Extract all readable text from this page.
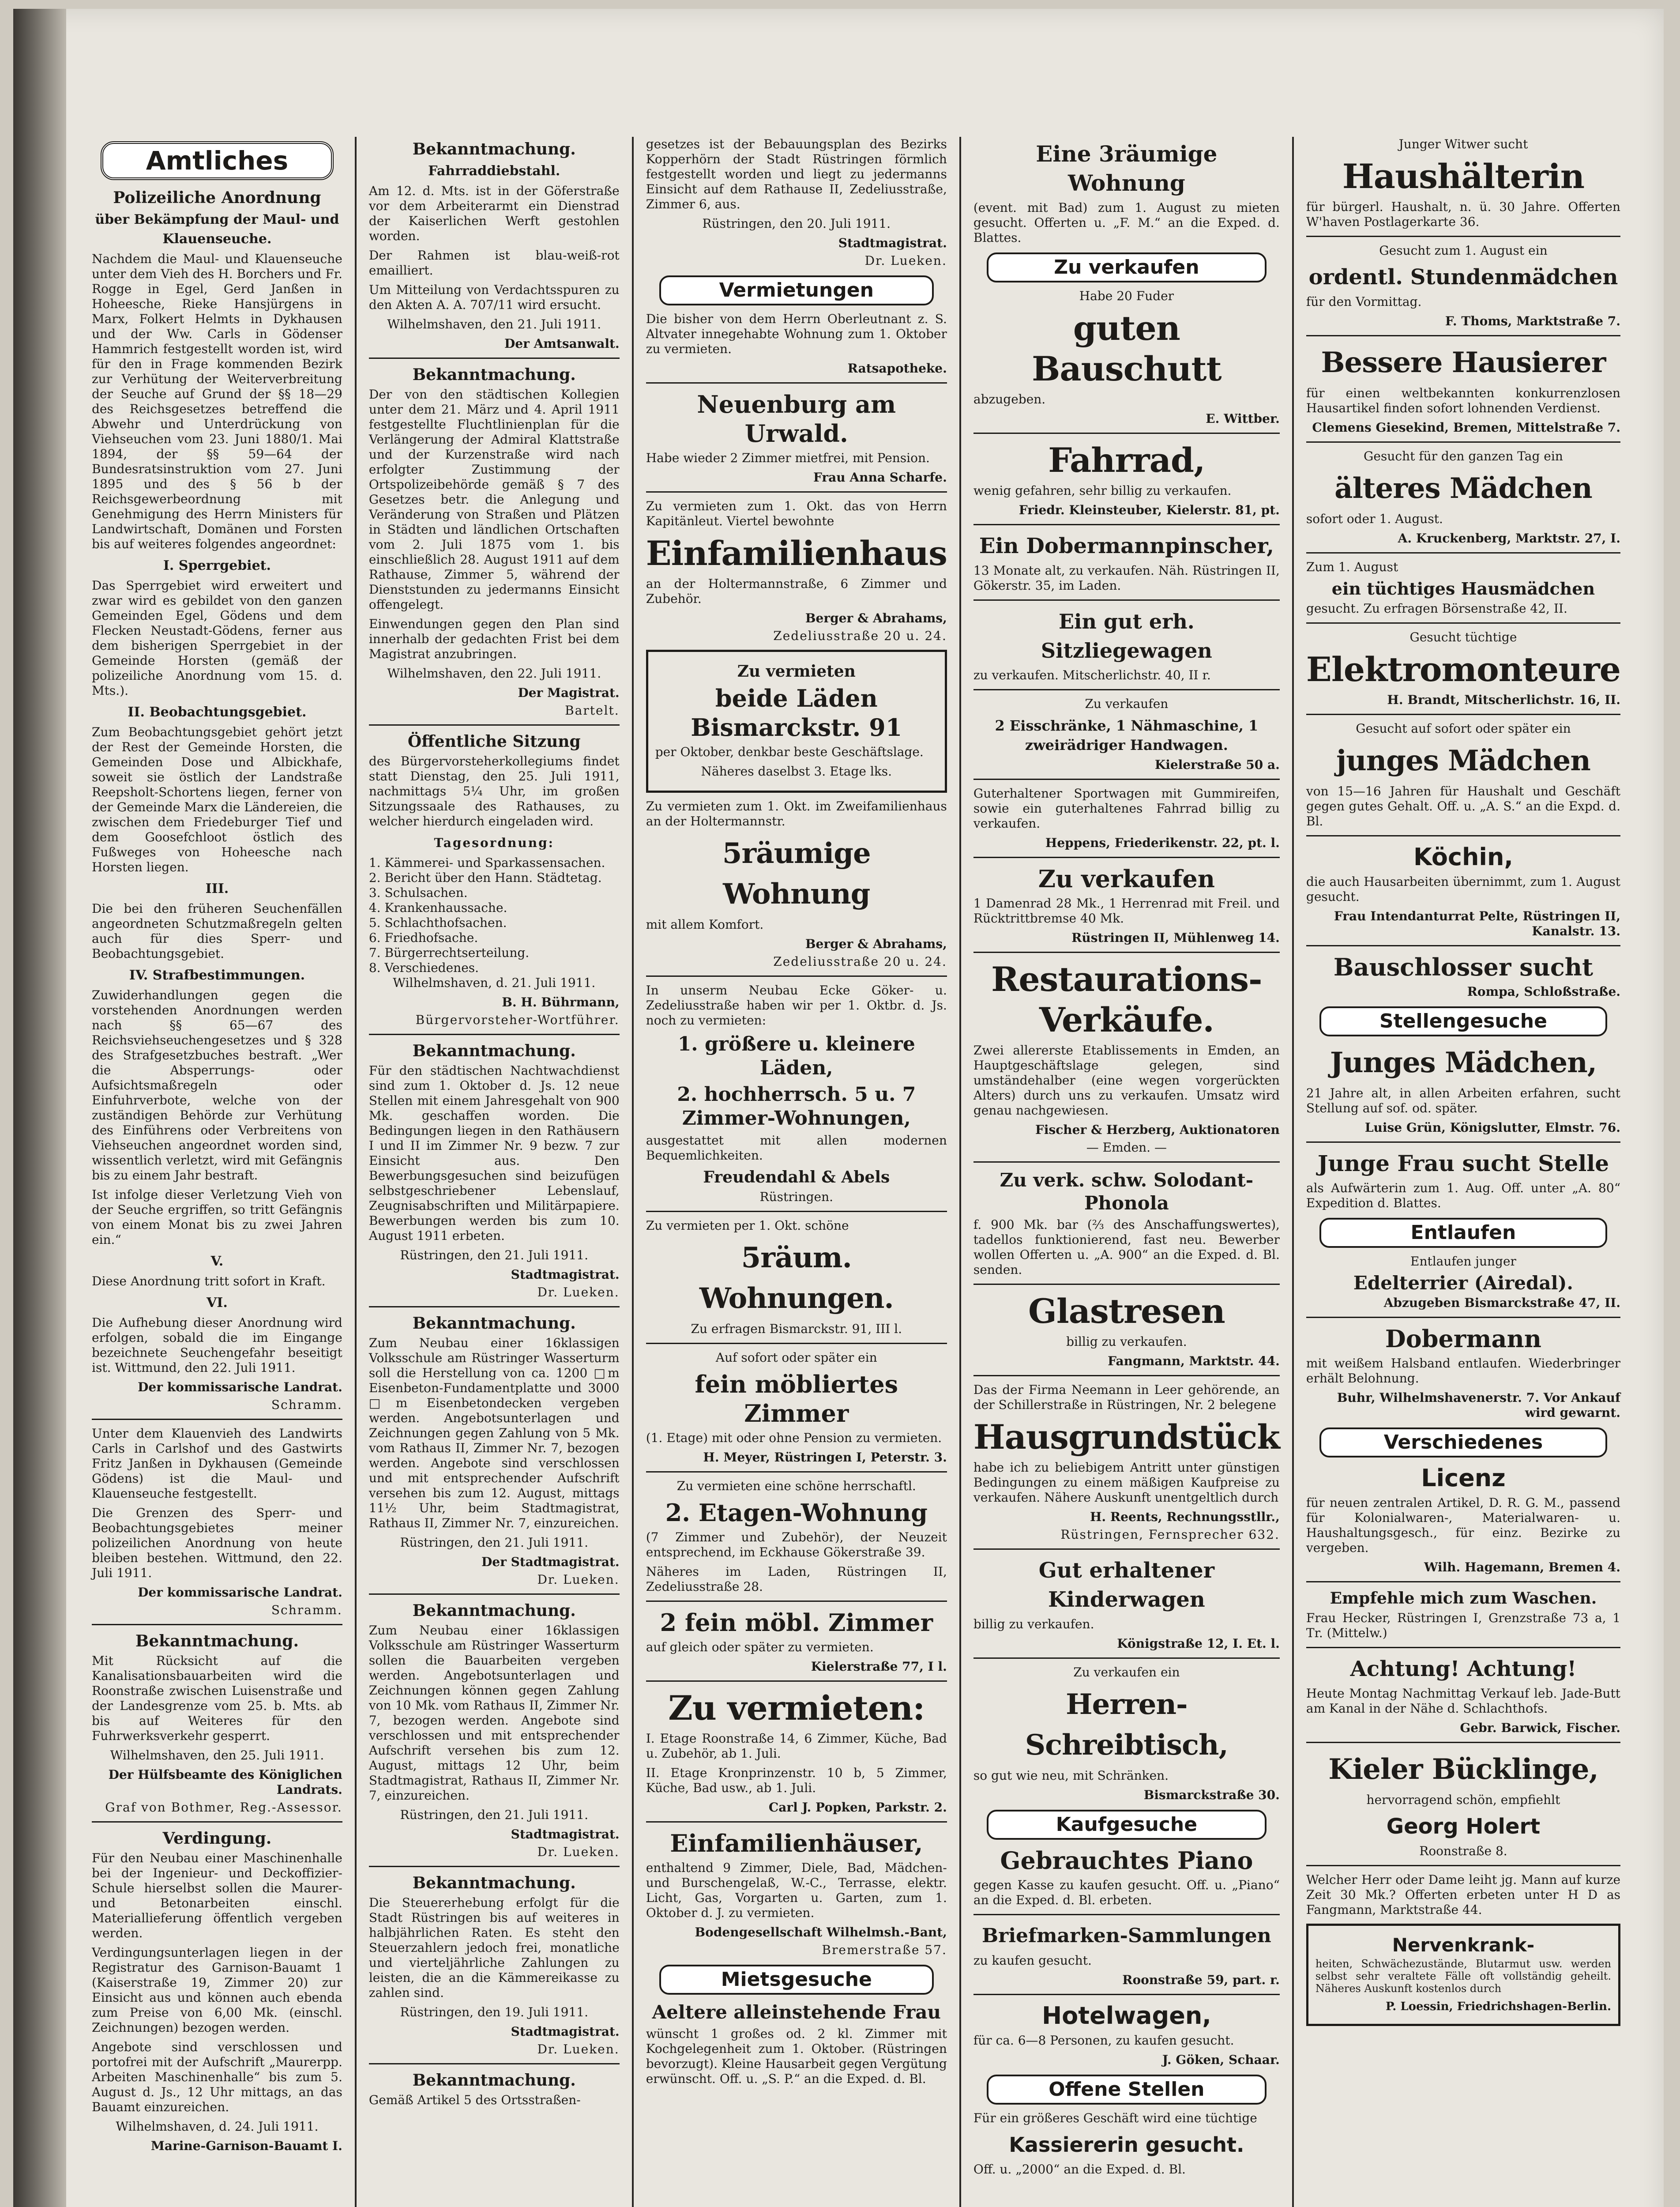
Amtliches
Polizeiliche Anordnung
über Bekämpfung der Maul- und Klauenseuche.

Nachdem die Maul- und Klauenseuche unter dem Vieh des H. Borchers und Fr. Rogge in Egel, Gerd Janßen in Hoheesche, Rieke Hansjürgens in Marx, Folkert Helmts in Dykhausen und der Ww. Carls in Gödenser Hammrich festgestellt worden ist, wird für den in Frage kommenden Bezirk zur Verhütung der Weiterverbreitung der Seuche auf Grund der §§ 18—29 des Reichsgesetzes betreffend die Abwehr und Unterdrückung von Viehseuchen vom 23. Juni 1880/1. Mai 1894, der §§ 59—64 der Bundesratsinstruktion vom 27. Juni 1895 und des § 56 b der Reichsgewerbeordnung mit Genehmigung des Herrn Ministers für Landwirtschaft, Domänen und Forsten bis auf weiteres folgendes angeordnet:

I. Sperrgebiet.

Das Sperrgebiet wird erweitert und zwar wird es gebildet von den ganzen Gemeinden Egel, Gödens und dem Flecken Neustadt-Gödens, ferner aus dem bisherigen Sperrgebiet in der Gemeinde Horsten (gemäß der polizeiliche Anordnung vom 15. d. Mts.).

II. Beobachtungsgebiet.

Zum Beobachtungsgebiet gehört jetzt der Rest der Gemeinde Horsten, die Gemeinden Dose und Albickhafe, soweit sie östlich der Landstraße Reepsholt-Schortens liegen, ferner von der Gemeinde Marx die Ländereien, die zwischen dem Friedeburger Tief und dem Goosefchloot östlich des Fußweges von Hoheesche nach Horsten liegen.

III.

Die bei den früheren Seuchenfällen angeordneten Schutzmaßregeln gelten auch für dies Sperr- und Beobachtungsgebiet.

IV. Strafbestimmungen.

Zuwiderhandlungen gegen die vorstehenden Anordnungen werden nach §§ 65—67 des Reichsviehseuchengesetzes und § 328 des Strafgesetzbuches bestraft. „Wer die Absperrungs- oder Aufsichtsmaßregeln oder Einfuhrverbote, welche von der zuständigen Behörde zur Verhütung des Einführens oder Verbreitens von Viehseuchen angeordnet worden sind, wissentlich verletzt, wird mit Gefängnis bis zu einem Jahr bestraft.

Ist infolge dieser Verletzung Vieh von der Seuche ergriffen, so tritt Gefängnis von einem Monat bis zu zwei Jahren ein.“

V.

Diese Anordnung tritt sofort in Kraft.

VI.

Die Aufhebung dieser Anordnung wird erfolgen, sobald die im Eingange bezeichnete Seuchengefahr beseitigt ist. Wittmund, den 22. Juli 1911.

Der kommissarische Landrat.
Schramm.

Unter dem Klauenvieh des Landwirts Carls in Carlshof und des Gastwirts Fritz Janßen in Dykhausen (Gemeinde Gödens) ist die Maul- und Klauenseuche festgestellt.

Die Grenzen des Sperr- und Beobachtungsgebietes meiner polizeilichen Anordnung von heute bleiben bestehen. Wittmund, den 22. Juli 1911.

Der kommissarische Landrat.
Schramm.
Bekanntmachung.

Mit Rücksicht auf die Kanalisationsbauarbeiten wird die Roonstraße zwischen Luisenstraße und der Landesgrenze vom 25. b. Mts. ab bis auf Weiteres für den Fuhrwerksverkehr gesperrt.

Wilhelmshaven, den 25. Juli 1911.

Der Hülfsbeamte des Königlichen Landrats.
Graf von Bothmer, Reg.-Assessor.
Verdingung.

Für den Neubau einer Maschinenhalle bei der Ingenieur- und Deckoffizier-Schule hierselbst sollen die Maurer- und Betonarbeiten einschl. Materiallieferung öffentlich vergeben werden.

Verdingungsunterlagen liegen in der Registratur des Garnison-Bauamt 1 (Kaiserstraße 19, Zimmer 20) zur Einsicht aus und können auch ebenda zum Preise von 6,00 Mk. (einschl. Zeichnungen) bezogen werden.

Angebote sind verschlossen und portofrei mit der Aufschrift „Maurerpp. Arbeiten Maschinenhalle“ bis zum 5. August d. Js., 12 Uhr mittags, an das Bauamt einzureichen.

Wilhelmshaven, d. 24. Juli 1911.

Marine-Garnison-Bauamt I.
Bekanntmachung.
Fahrraddiebstahl.

Am 12. d. Mts. ist in der Göferstraße vor dem Arbeiterarmt ein Dienstrad der Kaiserlichen Werft gestohlen worden.

Der Rahmen ist blau-weiß-rot emailliert.

Um Mitteilung von Verdachtsspuren zu den Akten A. A. 707/11 wird ersucht.

Wilhelmshaven, den 21. Juli 1911.

Der Amtsanwalt.
Bekanntmachung.

Der von den städtischen Kollegien unter dem 21. März und 4. April 1911 festgestellte Fluchtlinienplan für die Verlängerung der Admiral Klattstraße und der Kurzenstraße wird nach erfolgter Zustimmung der Ortspolizeibehörde gemäß § 7 des Gesetzes betr. die Anlegung und Veränderung von Straßen und Plätzen in Städten und ländlichen Ortschaften vom 2. Juli 1875 vom 1. bis einschließlich 28. August 1911 auf dem Rathause, Zimmer 5, während der Dienststunden zu jedermanns Einsicht offengelegt.

Einwendungen gegen den Plan sind innerhalb der gedachten Frist bei dem Magistrat anzubringen.

Wilhelmshaven, den 22. Juli 1911.

Der Magistrat.
Bartelt.
Öffentliche Sitzung

des Bürgervorsteherkollegiums findet statt Dienstag, den 25. Juli 1911, nachmittags 5¼ Uhr, im großen Sitzungssaale des Rathauses, zu welcher hierdurch eingeladen wird.

Tagesordnung:
1. Kämmerei- und Sparkassensachen.
2. Bericht über den Hann. Städtetag.
3. Schulsachen.
4. Krankenhaussache.
5. Schlachthofsachen.
6. Friedhofsache.
7. Bürgerrechtserteilung.
8. Verschiedenes.

Wilhelmshaven, d. 21. Juli 1911.

B. H. Bührmann,
Bürgervorsteher-Wortführer.
Bekanntmachung.

Für den städtischen Nachtwachdienst sind zum 1. Oktober d. Js. 12 neue Stellen mit einem Jahresgehalt von 900 Mk. geschaffen worden. Die Bedingungen liegen in den Rathäusern I und II im Zimmer Nr. 9 bezw. 7 zur Einsicht aus. Den Bewerbungsgesuchen sind beizufügen selbstgeschriebener Lebenslauf, Zeugnisabschriften und Militärpapiere. Bewerbungen werden bis zum 10. August 1911 erbeten.

Rüstringen, den 21. Juli 1911.

Stadtmagistrat.
Dr. Lueken.
Bekanntmachung.

Zum Neubau einer 16klassigen Volksschule am Rüstringer Wasserturm soll die Herstellung von ca. 1200 □m Eisenbeton-Fundamentplatte und 3000 □m Eisenbetondecken vergeben werden. Angebotsunterlagen und Zeichnungen gegen Zahlung von 5 Mk. vom Rathaus II, Zimmer Nr. 7, bezogen werden. Angebote sind verschlossen und mit entsprechender Aufschrift versehen bis zum 12. August, mittags 11½ Uhr, beim Stadtmagistrat, Rathaus II, Zimmer Nr. 7, einzureichen.

Rüstringen, den 21. Juli 1911.

Der Stadtmagistrat.
Dr. Lueken.
Bekanntmachung.

Zum Neubau einer 16klassigen Volksschule am Rüstringer Wasserturm sollen die Bauarbeiten vergeben werden. Angebotsunterlagen und Zeichnungen können gegen Zahlung von 10 Mk. vom Rathaus II, Zimmer Nr. 7, bezogen werden. Angebote sind verschlossen und mit entsprechender Aufschrift versehen bis zum 12. August, mittags 12 Uhr, beim Stadtmagistrat, Rathaus II, Zimmer Nr. 7, einzureichen.

Rüstringen, den 21. Juli 1911.

Stadtmagistrat.
Dr. Lueken.
Bekanntmachung.

Die Steuererhebung erfolgt für die Stadt Rüstringen bis auf weiteres in halbjährlichen Raten. Es steht den Steuerzahlern jedoch frei, monatliche und vierteljährliche Zahlungen zu leisten, die an die Kämmereikasse zu zahlen sind.

Rüstringen, den 19. Juli 1911.

Stadtmagistrat.
Dr. Lueken.
Bekanntmachung.

Gemäß Artikel 5 des Ortsstraßen-

gesetzes ist der Bebauungsplan des Bezirks Kopperhörn der Stadt Rüstringen förmlich festgestellt worden und liegt zu jedermanns Einsicht auf dem Rathause II, Zedeliusstraße, Zimmer 6, aus.

Rüstringen, den 20. Juli 1911.

Stadtmagistrat.
Dr. Lueken.
Vermietungen

Die bisher von dem Herrn Oberleutnant z. S. Altvater innegehabte Wohnung zum 1. Oktober zu vermieten.

Ratsapotheke.
Neuenburg am Urwald.

Habe wieder 2 Zimmer mietfrei, mit Pension.

Frau Anna Scharfe.

Zu vermieten zum 1. Okt. das von Herrn Kapitänleut. Viertel bewohnte

Einfamilienhaus

an der Holtermannstraße, 6 Zimmer und Zubehör.

Berger & Abrahams,
Zedeliusstraße 20 u. 24.
Zu vermieten
beide Läden Bismarckstr. 91

per Oktober, denkbar beste Geschäftslage.

Näheres daselbst 3. Etage lks.

Zu vermieten zum 1. Okt. im Zweifamilienhaus an der Holtermannstr.

5räumige Wohnung

mit allem Komfort.

Berger & Abrahams,
Zedeliusstraße 20 u. 24.

In unserm Neubau Ecke Göker- u. Zedeliusstraße haben wir per 1. Oktbr. d. Js. noch zu vermieten:

1. größere u. kleinere Läden,
2. hochherrsch. 5 u. 7 Zimmer-Wohnungen,

ausgestattet mit allen modernen Bequemlichkeiten.

Freudendahl & Abels
Rüstringen.

Zu vermieten per 1. Okt. schöne

5räum. Wohnungen.

Zu erfragen Bismarckstr. 91, III l.

Auf sofort oder später ein

fein möbliertes Zimmer

(1. Etage) mit oder ohne Pension zu vermieten.

H. Meyer, Rüstringen I, Peterstr. 3.

Zu vermieten eine schöne herrschaftl.

2. Etagen-Wohnung

(7 Zimmer und Zubehör), der Neuzeit entsprechend, im Eckhause Gökerstraße 39.

Näheres im Laden, Rüstringen II, Zedeliusstraße 28.

2 fein möbl. Zimmer

auf gleich oder später zu vermieten.

Kielerstraße 77, I l.
Zu vermieten:

I. Etage Roonstraße 14, 6 Zimmer, Küche, Bad u. Zubehör, ab 1. Juli.

II. Etage Kronprinzenstr. 10 b, 5 Zimmer, Küche, Bad usw., ab 1. Juli.

Carl J. Popken, Parkstr. 2.
Einfamilienhäuser,

enthaltend 9 Zimmer, Diele, Bad, Mädchen- und Burschengelaß, W.-C., Terrasse, elektr. Licht, Gas, Vorgarten u. Garten, zum 1. Oktober d. J. zu vermieten.

Bodengesellschaft Wilhelmsh.-Bant,
Bremerstraße 57.
Mietsgesuche
Aeltere alleinstehende Frau

wünscht 1 großes od. 2 kl. Zimmer mit Kochgelegenheit zum 1. Oktober. (Rüstringen bevorzugt). Kleine Hausarbeit gegen Vergütung erwünscht. Off. u. „S. P.“ an die Exped. d. Bl.

Eine 3räumige Wohnung

(event. mit Bad) zum 1. August zu mieten gesucht. Offerten u. „F. M.“ an die Exped. d. Blattes.

Zu verkaufen

Habe 20 Fuder

guten Bauschutt

abzugeben.

E. Wittber.
Fahrrad,

wenig gefahren, sehr billig zu verkaufen.

Friedr. Kleinsteuber, Kielerstr. 81, pt.
Ein Dobermannpinscher,

13 Monate alt, zu verkaufen. Näh. Rüstringen II, Gökerstr. 35, im Laden.

Ein gut erh. Sitzliegewagen

zu verkaufen. Mitscherlichstr. 40, II r.

Zu verkaufen

2 Eisschränke, 1 Nähmaschine, 1 zweirädriger Handwagen.
Kielerstraße 50 a.

Guterhaltener Sportwagen mit Gummireifen, sowie ein guterhaltenes Fahrrad billig zu verkaufen.

Heppens, Friederikenstr. 22, pt. l.
Zu verkaufen

1 Damenrad 28 Mk., 1 Herrenrad mit Freil. und Rücktrittbremse 40 Mk.

Rüstringen II, Mühlenweg 14.
Restaurations-Verkäufe.

Zwei allererste Etablissements in Emden, an Hauptgeschäftslage gelegen, sind umständehalber (eine wegen vorgerückten Alters) durch uns zu verkaufen. Umsatz wird genau nachgewiesen.

Fischer & Herzberg, Auktionatoren
— Emden. —
Zu verk. schw. Solodant-Phonola

f. 900 Mk. bar (⅔ des Anschaffungswertes), tadellos funktionierend, fast neu. Bewerber wollen Offerten u. „A. 900“ an die Exped. d. Bl. senden.

Glastresen

billig zu verkaufen.

Fangmann, Marktstr. 44.

Das der Firma Neemann in Leer gehörende, an der Schillerstraße in Rüstringen, Nr. 2 belegene

Hausgrundstück

habe ich zu beliebigem Antritt unter günstigen Bedingungen zu einem mäßigen Kaufpreise zu verkaufen. Nähere Auskunft unentgeltlich durch

H. Reents, Rechnungsstllr.,
Rüstringen, Fernsprecher 632.
Gut erhaltener Kinderwagen

billig zu verkaufen.

Königstraße 12, I. Et. l.

Zu verkaufen ein

Herren-Schreibtisch,

so gut wie neu, mit Schränken.

Bismarckstraße 30.
Kaufgesuche
Gebrauchtes Piano

gegen Kasse zu kaufen gesucht. Off. u. „Piano“ an die Exped. d. Bl. erbeten.

Briefmarken-Sammlungen

zu kaufen gesucht.

Roonstraße 59, part. r.
Hotelwagen,

für ca. 6—8 Personen, zu kaufen gesucht.

J. Göken, Schaar.
Offene Stellen

Für ein größeres Geschäft wird eine tüchtige

Kassiererin gesucht.

Off. u. „2000“ an die Exped. d. Bl.

Junger Witwer sucht

Haushälterin

für bürgerl. Haushalt, n. ü. 30 Jahre. Offerten W'haven Postlagerkarte 36.

Gesucht zum 1. August ein

ordentl. Stundenmädchen

für den Vormittag.

F. Thoms, Marktstraße 7.
Bessere Hausierer

für einen weltbekannten konkurrenzlosen Hausartikel finden sofort lohnenden Verdienst.

Clemens Giesekind, Bremen, Mittelstraße 7.

Gesucht für den ganzen Tag ein

älteres Mädchen

sofort oder 1. August.

A. Kruckenberg, Marktstr. 27, I.

Zum 1. August

ein tüchtiges Hausmädchen

gesucht. Zu erfragen Börsenstraße 42, II.

Gesucht tüchtige

Elektromonteure
H. Brandt, Mitscherlichstr. 16, II.

Gesucht auf sofort oder später ein

junges Mädchen

von 15—16 Jahren für Haushalt und Geschäft gegen gutes Gehalt. Off. u. „A. S.“ an die Expd. d. Bl.

Köchin,

die auch Hausarbeiten übernimmt, zum 1. August gesucht.

Frau Intendanturrat Pelte, Rüstringen II, Kanalstr. 13.
Bauschlosser sucht
Rompa, Schloßstraße.
Stellengesuche
Junges Mädchen,

21 Jahre alt, in allen Arbeiten erfahren, sucht Stellung auf sof. od. später.

Luise Grün, Königslutter, Elmstr. 76.
Junge Frau sucht Stelle

als Aufwärterin zum 1. Aug. Off. unter „A. 80“ Expedition d. Blattes.

Entlaufen

Entlaufen junger

Edelterrier (Airedal).
Abzugeben Bismarckstraße 47, II.
Dobermann

mit weißem Halsband entlaufen. Wiederbringer erhält Belohnung.

Buhr, Wilhelmshavenerstr. 7. Vor Ankauf wird gewarnt.
Verschiedenes
Licenz

für neuen zentralen Artikel, D. R. G. M., passend für Kolonialwaren-, Materialwaren- u. Haushaltungsgesch., für einz. Bezirke zu vergeben.

Wilh. Hagemann, Bremen 4.
Empfehle mich zum Waschen.

Frau Hecker, Rüstringen I, Grenzstraße 73 a, 1 Tr. (Mittelw.)

Achtung! Achtung!

Heute Montag Nachmittag Verkauf leb. Jade-Butt am Kanal in der Nähe d. Schlachthofs.

Gebr. Barwick, Fischer.
Kieler Bücklinge,

hervorragend schön, empfiehlt

Georg Holert
Roonstraße 8.

Welcher Herr oder Dame leiht jg. Mann auf kurze Zeit 30 Mk.? Offerten erbeten unter H D as Fangmann, Marktstraße 44.

Nervenkrank-

heiten, Schwächezustände, Blutarmut usw. werden selbst sehr veraltete Fälle oft vollständig geheilt. Näheres Auskunft kostenlos durch

P. Loessin, Friedrichshagen-Berlin.
